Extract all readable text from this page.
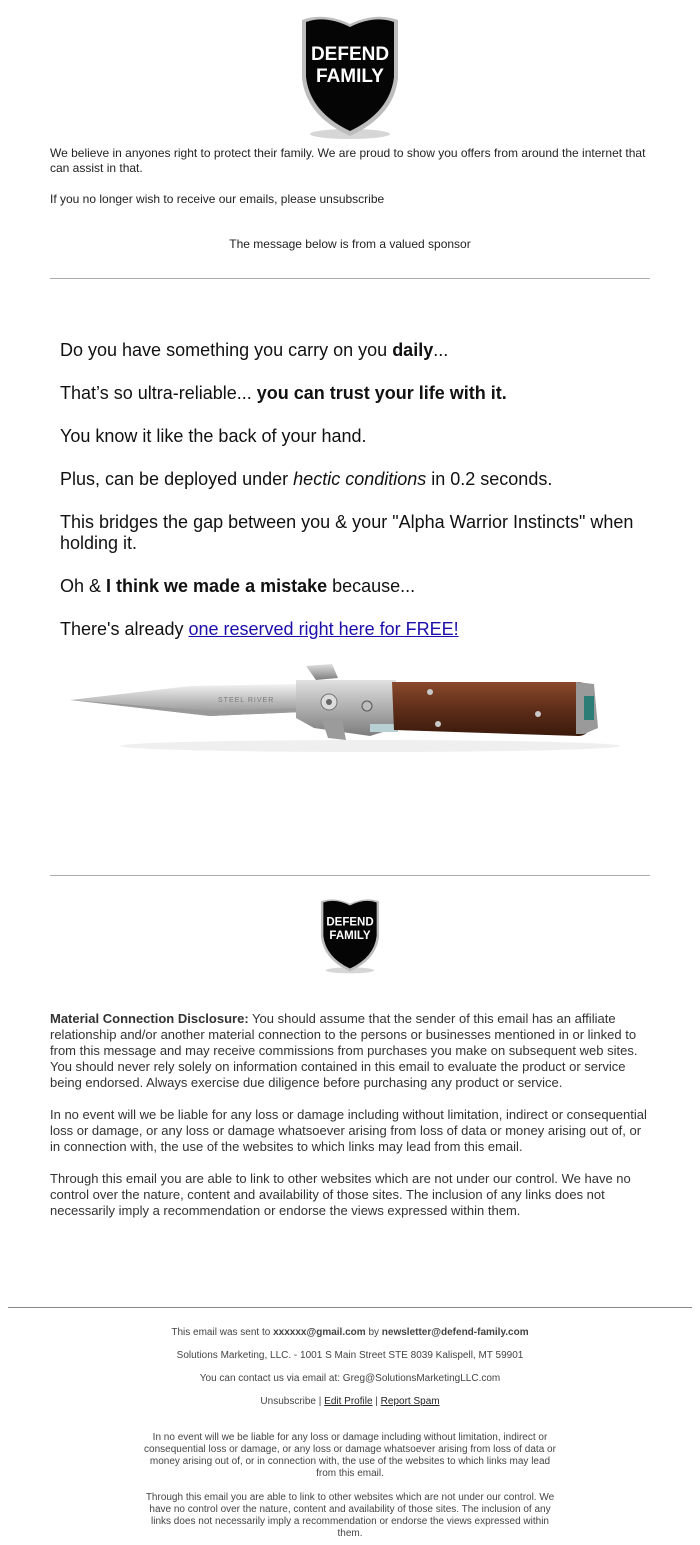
DEFEND
FAMILY

We believe in anyones right to protect their family. We are proud to show you offers from around the internet that can assist in that.

If you no longer wish to receive our emails, please unsubscribe

The message below is from a valued sponsor

Do you have something you carry on you daily...

That’s so ultra-reliable... you can trust your life with it.

You know it like the back of your hand.

Plus, can be deployed under hectic conditions in 0.2 seconds.

This bridges the gap between you & your "Alpha Warrior Instincts" when holding it.

Oh & I think we made a mistake because...

There's already one reserved right here for FREE!

STEEL RIVER
DEFEND
FAMILY

Material Connection Disclosure: You should assume that the sender of this email has an affiliate relationship and/or another material connection to the persons or businesses mentioned in or linked to from this message and may receive commissions from purchases you make on subsequent web sites. You should never rely solely on information contained in this email to evaluate the product or service being endorsed. Always exercise due diligence before purchasing any product or service.

In no event will we be liable for any loss or damage including without limitation, indirect or consequential loss or damage, or any loss or damage whatsoever arising from loss of data or money arising out of, or in connection with, the use of the websites to which links may lead from this email.

Through this email you are able to link to other websites which are not under our control. We have no control over the nature, content and availability of those sites. The inclusion of any links does not necessarily imply a recommendation or endorse the views expressed within them.

This email was sent to xxxxxx@gmail.com by newsletter@defend-family.com

Solutions Marketing, LLC. - 1001 S Main Street STE 8039 Kalispell, MT 59901

You can contact us via email at: Greg@SolutionsMarketingLLC.com

Unsubscribe | Edit Profile | Report Spam

In no event will we be liable for any loss or damage including without limitation, indirect or consequential loss or damage, or any loss or damage whatsoever arising from loss of data or money arising out of, or in connection with, the use of the websites to which links may lead from this email.

Through this email you are able to link to other websites which are not under our control. We have no control over the nature, content and availability of those sites. The inclusion of any links does not necessarily imply a recommendation or endorse the views expressed within them.
